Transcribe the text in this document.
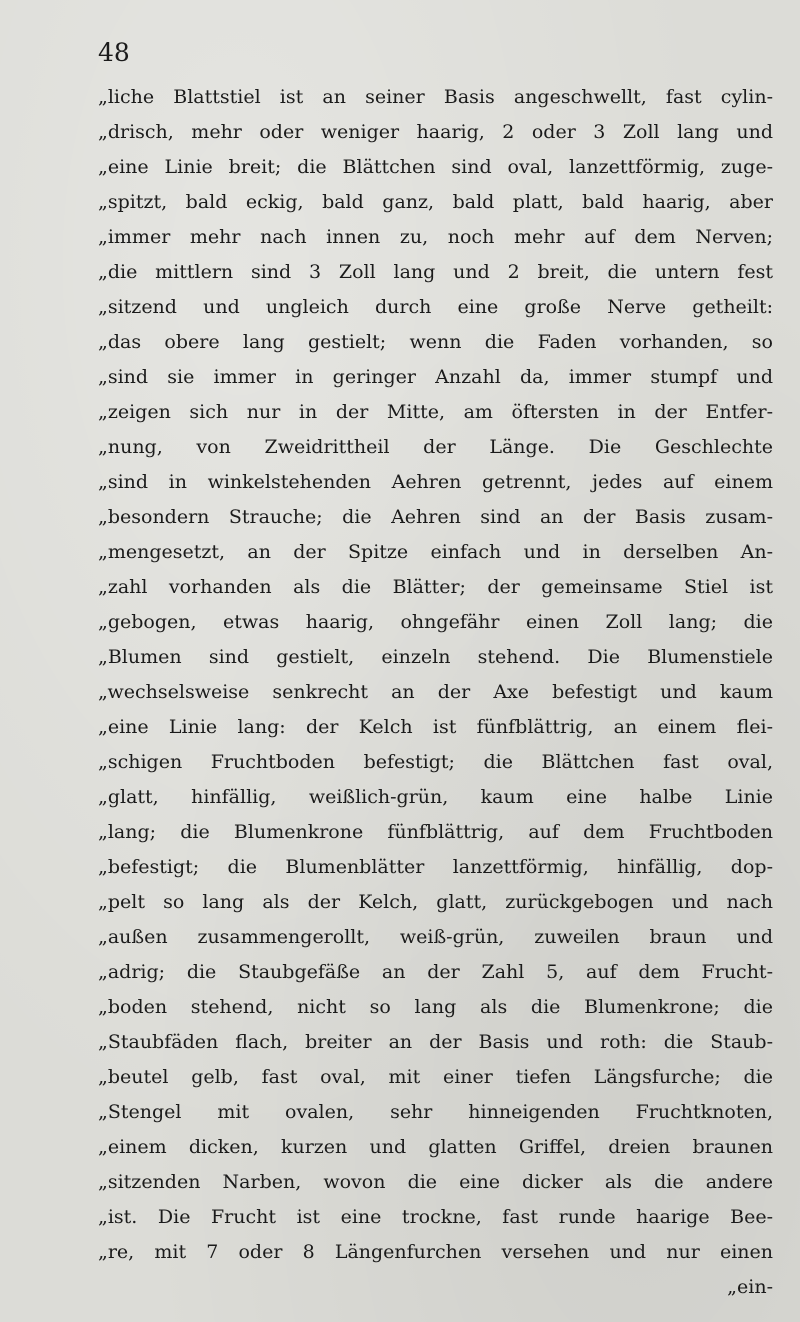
48
„liche Blattstiel ist an seiner Basis angeschwellt, fast cylin-
„drisch, mehr oder weniger haarig, 2 oder 3 Zoll lang und
„eine Linie breit; die Blättchen sind oval, lanzettförmig, zuge-
„spitzt, bald eckig, bald ganz, bald platt, bald haarig, aber
„immer mehr nach innen zu, noch mehr auf dem Nerven;
„die mittlern sind 3 Zoll lang und 2 breit, die untern fest
„sitzend und ungleich durch eine große Nerve getheilt:
„das obere lang gestielt; wenn die Faden vorhanden, so
„sind sie immer in geringer Anzahl da, immer stumpf und
„zeigen sich nur in der Mitte, am öftersten in der Entfer-
„nung, von Zweidrittheil der Länge. Die Geschlechte
„sind in winkelstehenden Aehren getrennt, jedes auf einem
„besondern Strauche; die Aehren sind an der Basis zusam-
„mengesetzt, an der Spitze einfach und in derselben An-
„zahl vorhanden als die Blätter; der gemeinsame Stiel ist
„gebogen, etwas haarig, ohngefähr einen Zoll lang; die
„Blumen sind gestielt, einzeln stehend. Die Blumenstiele
„wechselsweise senkrecht an der Axe befestigt und kaum
„eine Linie lang: der Kelch ist fünfblättrig, an einem flei-
„schigen Fruchtboden befestigt; die Blättchen fast oval,
„glatt, hinfällig, weißlich-grün, kaum eine halbe Linie
„lang; die Blumenkrone fünfblättrig, auf dem Fruchtboden
„befestigt; die Blumenblätter lanzettförmig, hinfällig, dop-
„pelt so lang als der Kelch, glatt, zurückgebogen und nach
„außen zusammengerollt, weiß-grün, zuweilen braun und
„adrig; die Staubgefäße an der Zahl 5, auf dem Frucht-
„boden stehend, nicht so lang als die Blumenkrone; die
„Staubfäden flach, breiter an der Basis und roth: die Staub-
„beutel gelb, fast oval, mit einer tiefen Längsfurche; die
„Stengel mit ovalen, sehr hinneigenden Fruchtknoten,
„einem dicken, kurzen und glatten Griffel, dreien braunen
„sitzenden Narben, wovon die eine dicker als die andere
„ist. Die Frucht ist eine trockne, fast runde haarige Bee-
„re, mit 7 oder 8 Längenfurchen versehen und nur einen
„ein-
